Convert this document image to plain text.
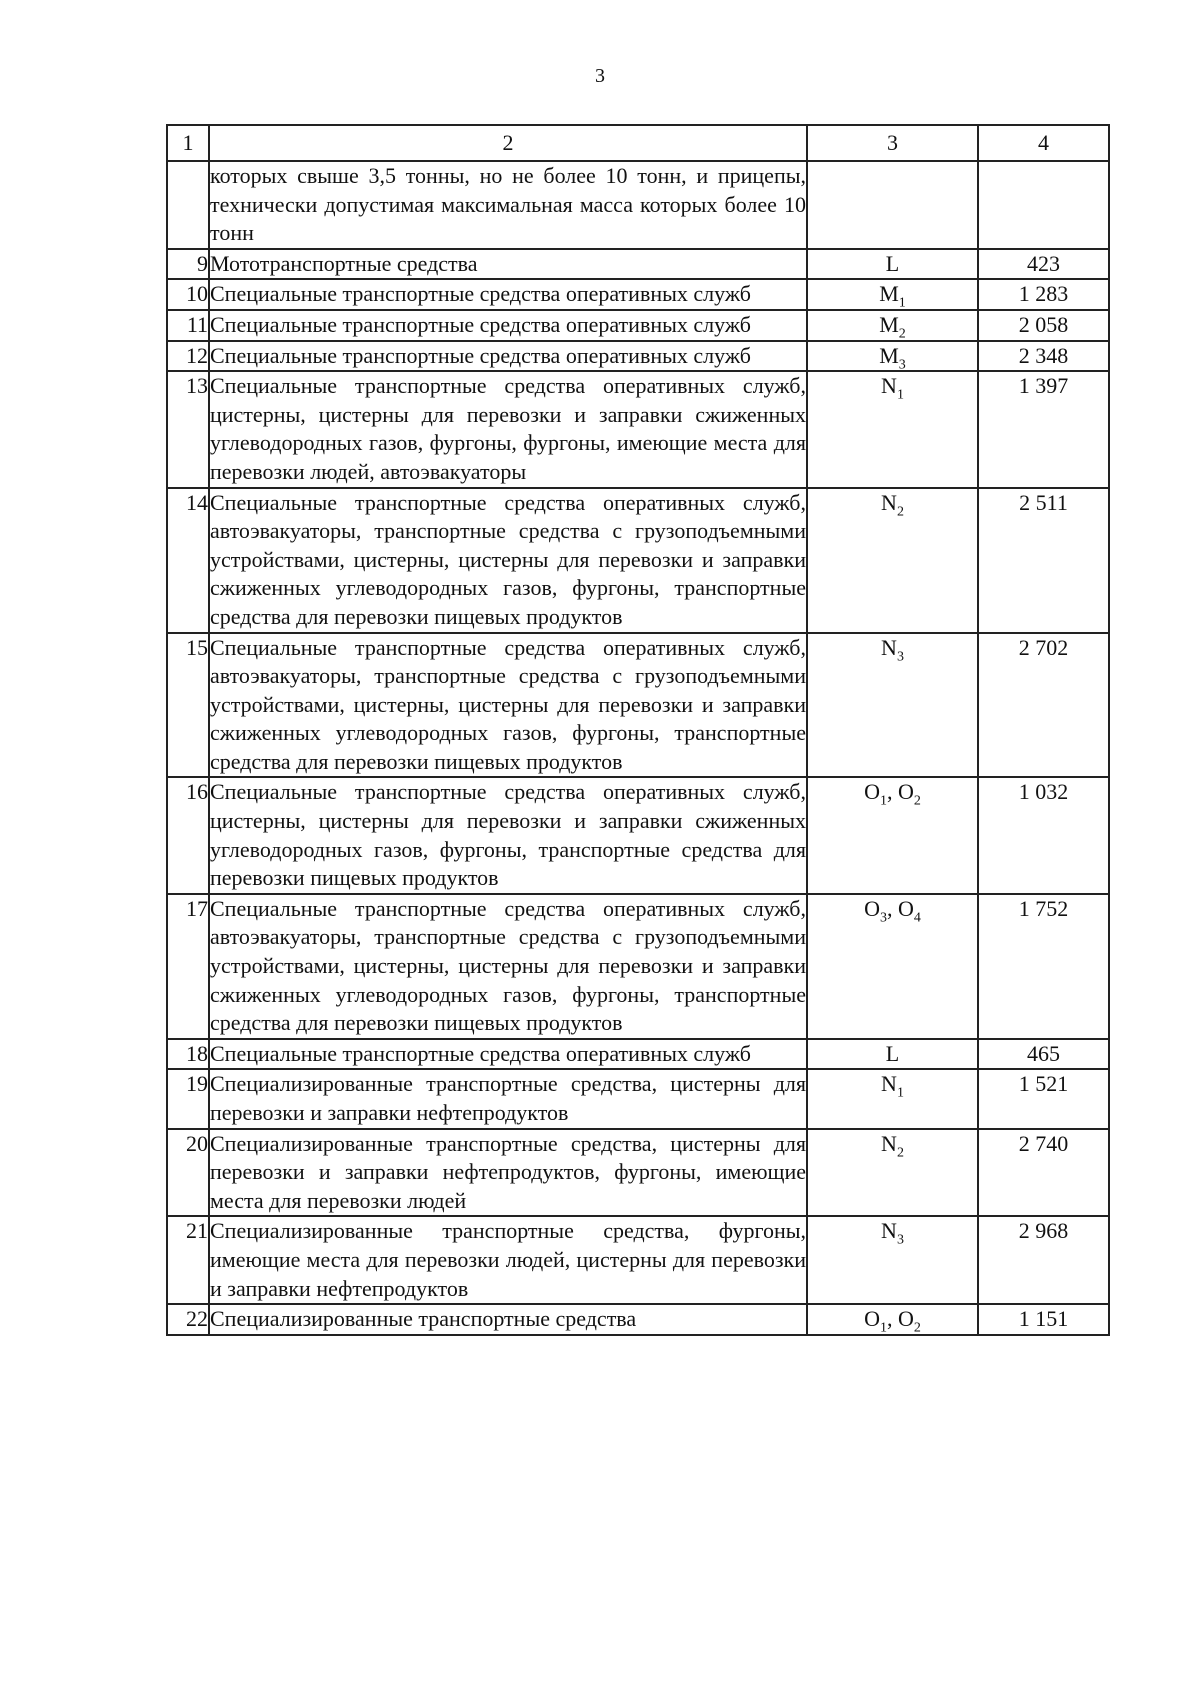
3
1	2	3	4
	которых свыше 3,5 тонны, но не более 10 тонн, и прицепы, технически допустимая максимальная масса которых более 10 тонн		
9	Мототранспортные средства	L	423
10	Специальные транспортные средства оперативных служб	$M_1$	1 283
11	Специальные транспортные средства оперативных служб	$M_2$	2 058
12	Специальные транспортные средства оперативных служб	$M_3$	2 348
13	Специальные транспортные средства оперативных служб, цистерны, цистерны для перевозки и заправки сжиженных углеводородных газов, фургоны, фургоны, имеющие места для перевозки людей, автоэвакуаторы	$N_1$	1 397
14	Специальные транспортные средства оперативных служб, автоэвакуаторы, транспортные средства с грузоподъемными устройствами, цистерны, цистерны для перевозки и заправки сжиженных углеводородных газов, фургоны, транспортные средства для перевозки пищевых продуктов	$N_2$	2 511
15	Специальные транспортные средства оперативных служб, автоэвакуаторы, транспортные средства с грузоподъемными устройствами, цистерны, цистерны для перевозки и заправки сжиженных углеводородных газов, фургоны, транспортные средства для перевозки пищевых продуктов	$N_3$	2 702
16	Специальные транспортные средства оперативных служб, цистерны, цистерны для перевозки и заправки сжиженных углеводородных газов, фургоны, транспортные средства для перевозки пищевых продуктов	$O_1$, $O_2$	1 032
17	Специальные транспортные средства оперативных служб, автоэвакуаторы, транспортные средства с грузоподъемными устройствами, цистерны, цистерны для перевозки и заправки сжиженных углеводородных газов, фургоны, транспортные средства для перевозки пищевых продуктов	$O_3$, $O_4$	1 752
18	Специальные транспортные средства оперативных служб	L	465
19	Специализированные транспортные средства, цистерны для перевозки и заправки нефтепродуктов	$N_1$	1 521
20	Специализированные транспортные средства, цистерны для перевозки и заправки нефтепродуктов, фургоны, имеющие места для перевозки людей	$N_2$	2 740
21	Специализированные транспортные средства, фургоны, имеющие места для перевозки людей, цистерны для перевозки и заправки нефтепродуктов	$N_3$	2 968
22	Специализированные транспортные средства	$O_1$, $O_2$	1 151
